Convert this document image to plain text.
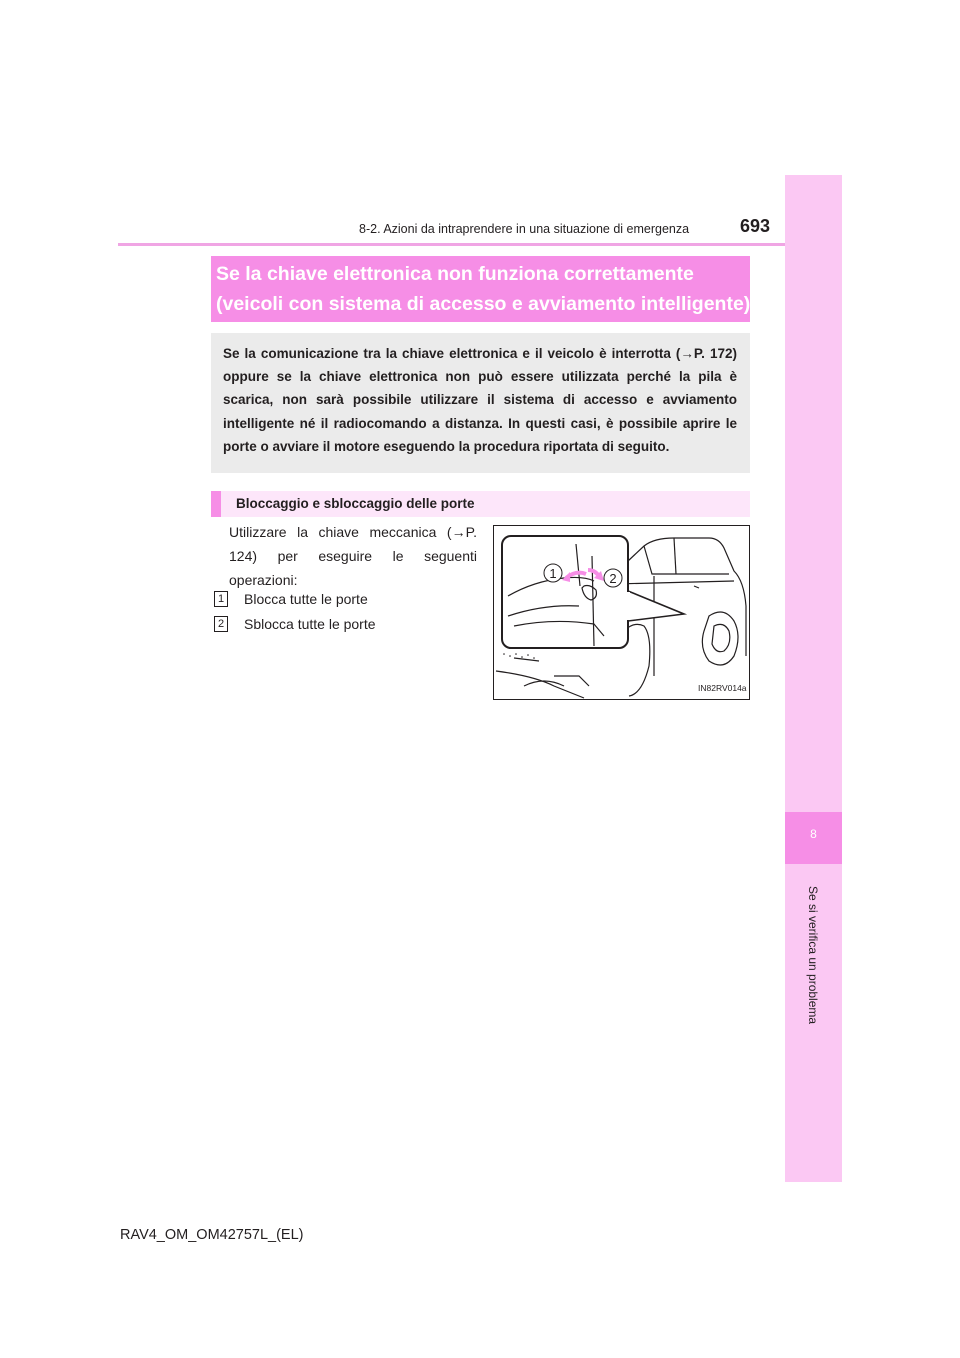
8
Se si verifica un problema
8-2. Azioni da intraprendere in una situazione di emergenza	693
Se la chiave elettronica non funziona correttamente
(veicoli con sistema di accesso e avviamento intelligente)

Se la comunicazione tra la chiave elettronica e il veicolo è interrotta (→P. 172) oppure se la chiave elettronica non può essere utilizzata perché la pila è scarica, non sarà possibile utilizzare il sistema di accesso e avviamento intelligente né il radiocomando a distanza. In questi casi, è possibile aprire le porte o avviare il motore eseguendo la procedura riportata di seguito.

Bloccaggio e sbloccaggio delle porte

Utilizzare la chiave meccanica (→P. 124) per eseguire le seguenti operazioni:

1 Blocca tutte le porte
2 Sblocca tutte le porte
1	2
IN82RV014a
RAV4_OM_OM42757L_(EL)
